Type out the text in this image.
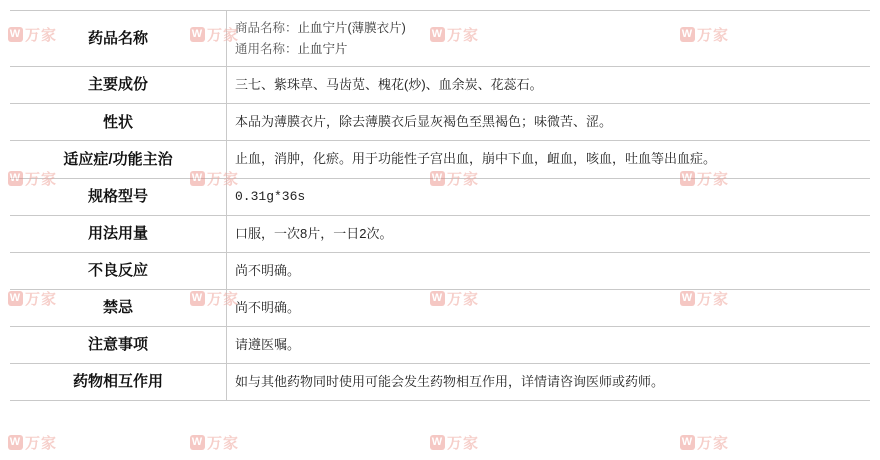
W 万家	W 万家	W 万家	W 万家
W 万家	W 万家	W 万家	W 万家
W 万家	W 万家	W 万家	W 万家
W 万家	W 万家	W 万家	W 万家
药品名称	商品名称：止血宁片(薄膜衣片)
通用名称：止血宁片

主要成份	三七、紫珠草、马齿苋、槐花(炒)、血余炭、花蕊石。
性状	本品为薄膜衣片，除去薄膜衣后显灰褐色至黑褐色；味微苦、涩。
适应症/功能主治	止血，消肿，化瘀。用于功能性子宫出血，崩中下血，衄血，咳血，吐血等出血症。
规格型号	0.31g*36s
用法用量	口服，一次8片，一日2次。
不良反应	尚不明确。
禁忌	尚不明确。
注意事项	请遵医嘱。
药物相互作用	如与其他药物同时使用可能会发生药物相互作用，详情请咨询医师或药师。
